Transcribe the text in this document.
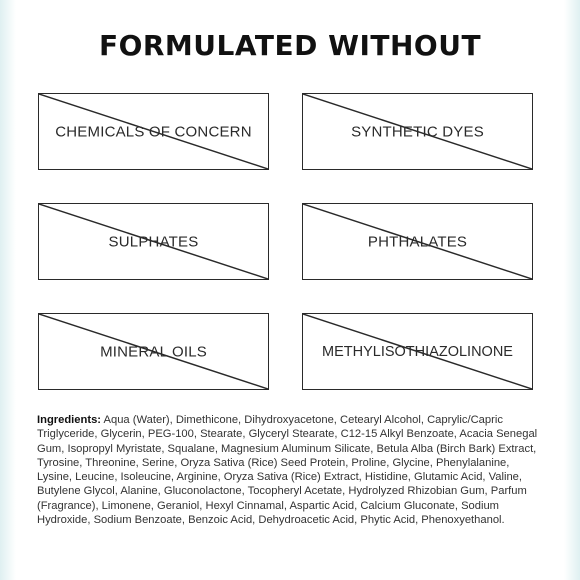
FORMULATED WITHOUT
CHEMICALS OF CONCERN	SYNTHETIC DYES
SULPHATES	PHTHALATES
MINERAL OILS	METHYLISOTHIAZOLINONE
Ingredients: Aqua (Water), Dimethicone, Dihydroxyacetone, Cetearyl Alcohol, Caprylic/Capric Triglyceride, Glycerin, PEG-100, Stearate, Glyceryl Stearate, C12-15 Alkyl Benzoate, Acacia Senegal Gum, Isopropyl Myristate, Squalane, Magnesium Aluminum Silicate, Betula Alba (Birch Bark) Extract, Tyrosine, Threonine, Serine, Oryza Sativa (Rice) Seed Protein, Proline, Glycine, Phenylalanine, Lysine, Leucine, Isoleucine, Arginine, Oryza Sativa (Rice) Extract, Histidine, Glutamic Acid, Valine, Butylene Glycol, Alanine, Gluconolactone, Tocopheryl Acetate, Hydrolyzed Rhizobian Gum, Parfum (Fragrance), Limonene, Geraniol, Hexyl Cinnamal, Aspartic Acid, Calcium Gluconate, Sodium Hydroxide, Sodium Benzoate, Benzoic Acid, Dehydroacetic Acid, Phytic Acid, Phenoxyethanol.
